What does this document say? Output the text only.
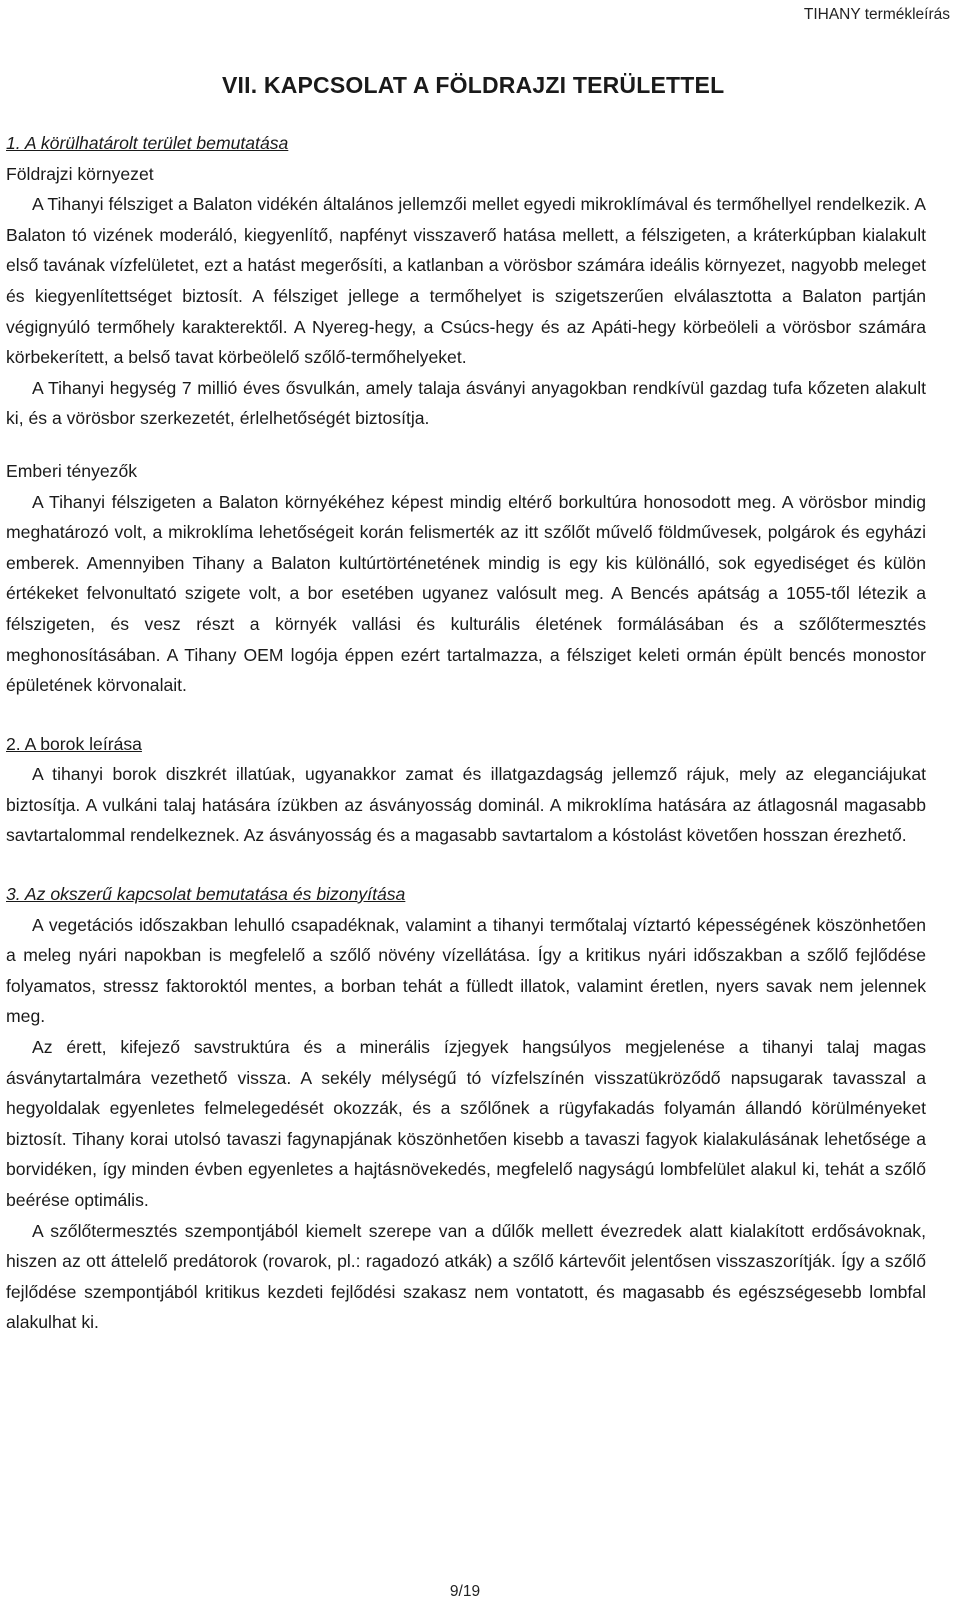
TIHANY termékleírás
VII. KAPCSOLAT A FÖLDRAJZI TERÜLETTEL

1. A körülhatárolt terület bemutatása

Földrajzi környezet

A Tihanyi félsziget a Balaton vidékén általános jellemzői mellet egyedi mikroklímával és termőhellyel rendelkezik. A Balaton tó vizének moderáló, kiegyenlítő, napfényt visszaverő hatása mellett, a félszigeten, a kráterkúpban kialakult első tavának vízfelületet, ezt a hatást megerősíti, a katlanban a vörösbor számára ideális környezet, nagyobb meleget és kiegyenlítettséget biztosít. A félsziget jellege a termőhelyet is szigetszerűen elválasztotta a Balaton partján végignyúló termőhely karakterektől. A Nyereg-hegy, a Csúcs-hegy és az Apáti-hegy körbeöleli a vörösbor számára körbekerített, a belső tavat körbeölelő szőlő-termőhelyeket.

A Tihanyi hegység 7 millió éves ősvulkán, amely talaja ásványi anyagokban rendkívül gazdag tufa kőzeten alakult ki, és a vörösbor szerkezetét, érlelhetőségét biztosítja.

Emberi tényezők

A Tihanyi félszigeten a Balaton környékéhez képest mindig eltérő borkultúra honosodott meg. A vörösbor mindig meghatározó volt, a mikroklíma lehetőségeit korán felismerték az itt szőlőt művelő földművesek, polgárok és egyházi emberek. Amennyiben Tihany a Balaton kultúrtörténetének mindig is egy kis különálló, sok egyediséget és külön értékeket felvonultató szigete volt, a bor esetében ugyanez valósult meg. A Bencés apátság a 1055-től létezik a félszigeten, és vesz részt a környék vallási és kulturális életének formálásában és a szőlőtermesztés meghonosításában. A Tihany OEM logója éppen ezért tartalmazza, a félsziget keleti ormán épült bencés monostor épületének körvonalait.

2. A borok leírása

A tihanyi borok diszkrét illatúak, ugyanakkor zamat és illatgazdagság jellemző rájuk, mely az eleganciájukat biztosítja. A vulkáni talaj hatására ízükben az ásványosság dominál. A mikroklíma hatására az átlagosnál magasabb savtartalommal rendelkeznek. Az ásványosság és a magasabb savtartalom a kóstolást követően hosszan érezhető.

3. Az okszerű kapcsolat bemutatása és bizonyítása

A vegetációs időszakban lehulló csapadéknak, valamint a tihanyi termőtalaj víztartó képességének köszönhetően a meleg nyári napokban is megfelelő a szőlő növény vízellátása. Így a kritikus nyári időszakban a szőlő fejlődése folyamatos, stressz faktoroktól mentes, a borban tehát a fülledt illatok, valamint éretlen, nyers savak nem jelennek meg.

Az érett, kifejező savstruktúra és a minerális ízjegyek hangsúlyos megjelenése a tihanyi talaj magas ásványtartalmára vezethető vissza. A sekély mélységű tó vízfelszínén visszatükröződő napsugarak tavasszal a hegyoldalak egyenletes felmelegedését okozzák, és a szőlőnek a rügyfakadás folyamán állandó körülményeket biztosít. Tihany korai utolsó tavaszi fagynapjának köszönhetően kisebb a tavaszi fagyok kialakulásának lehetősége a borvidéken, így minden évben egyenletes a hajtásnövekedés, megfelelő nagyságú lombfelület alakul ki, tehát a szőlő beérése optimális.

A szőlőtermesztés szempontjából kiemelt szerepe van a dűlők mellett évezredek alatt kialakított erdősávoknak, hiszen az ott áttelelő predátorok (rovarok, pl.: ragadozó atkák) a szőlő kártevőit jelentősen visszaszorítják. Így a szőlő fejlődése szempontjából kritikus kezdeti fejlődési szakasz nem vontatott, és magasabb és egészségesebb lombfal alakulhat ki.

9/19
